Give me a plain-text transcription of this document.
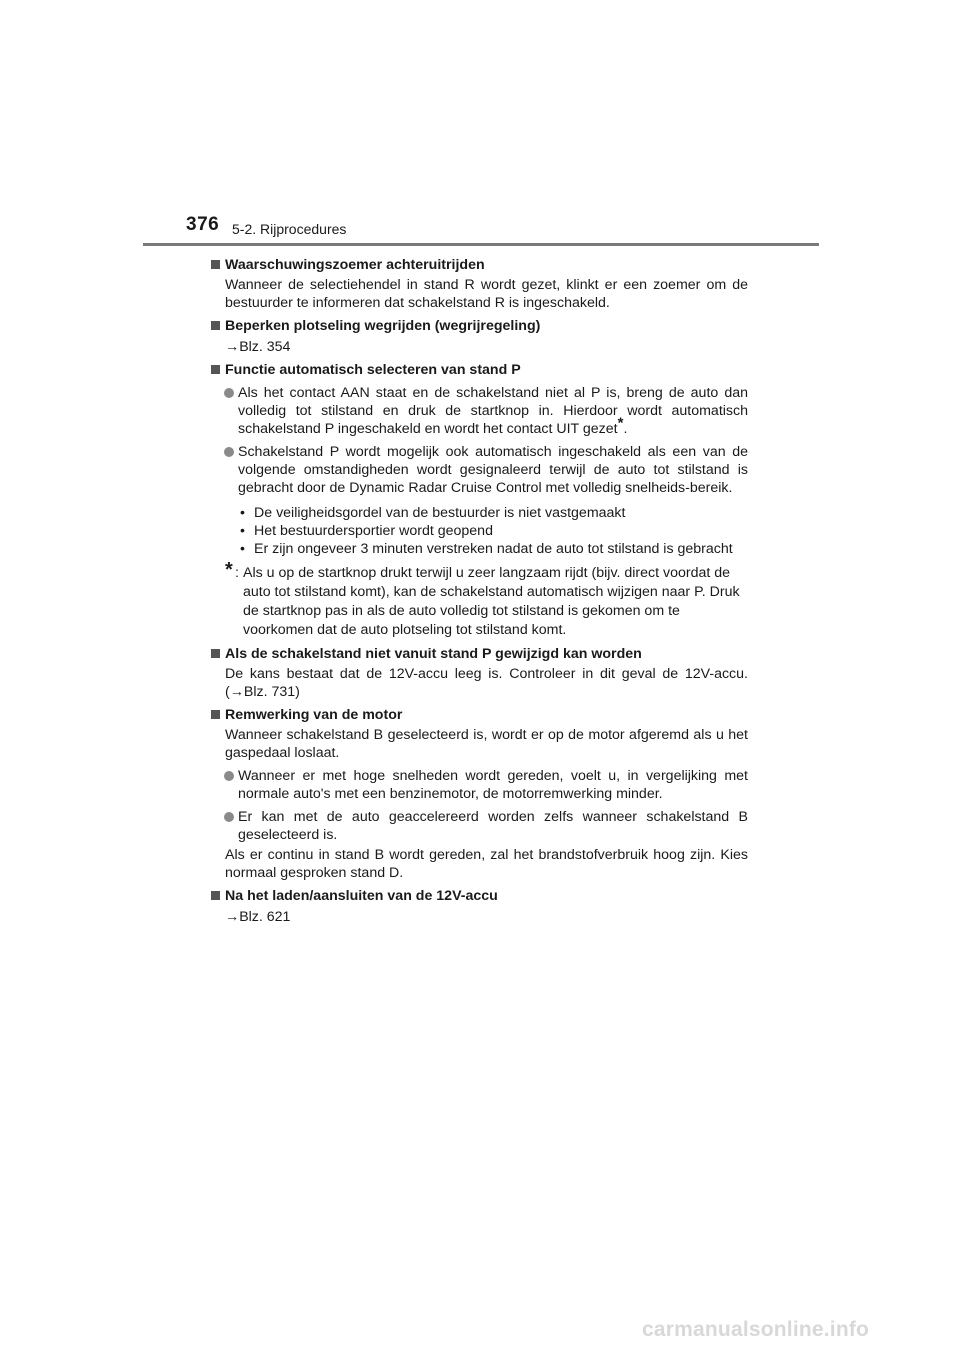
376 5-2. Rijprocedures
Waarschuwingszoemer achteruitrijden
Wanneer de selectiehendel in stand R wordt gezet, klinkt er een zoemer om de bestuurder te informeren dat schakelstand R is ingeschakeld.
Beperken plotseling wegrijden (wegrijregeling)
→Blz. 354
Functie automatisch selecteren van stand P
Als het contact AAN staat en de schakelstand niet al P is, breng de auto dan volledig tot stilstand en druk de startknop in. Hierdoor wordt automatisch schakelstand P ingeschakeld en wordt het contact UIT gezet*.
Schakelstand P wordt mogelijk ook automatisch ingeschakeld als een van de volgende omstandigheden wordt gesignaleerd terwijl de auto tot stilstand is gebracht door de Dynamic Radar Cruise Control met volledig snelheids-bereik.
• De veiligheidsgordel van de bestuurder is niet vastgemaakt
• Het bestuurdersportier wordt geopend
• Er zijn ongeveer 3 minuten verstreken nadat de auto tot stilstand is gebracht
* : Als u op de startknop drukt terwijl u zeer langzaam rijdt (bijv. direct voordat de auto tot stilstand komt), kan de schakelstand automatisch wijzigen naar P. Druk de startknop pas in als de auto volledig tot stilstand is gekomen om te voorkomen dat de auto plotseling tot stilstand komt.
Als de schakelstand niet vanuit stand P gewijzigd kan worden
De kans bestaat dat de 12V-accu leeg is. Controleer in dit geval de 12V-accu. (→Blz. 731)
Remwerking van de motor
Wanneer schakelstand B geselecteerd is, wordt er op de motor afgeremd als u het gaspedaal loslaat.
Wanneer er met hoge snelheden wordt gereden, voelt u, in vergelijking met normale auto's met een benzinemotor, de motorremwerking minder.
Er kan met de auto geaccelereerd worden zelfs wanneer schakelstand B geselecteerd is.
Als er continu in stand B wordt gereden, zal het brandstofverbruik hoog zijn. Kies normaal gesproken stand D.
Na het laden/aansluiten van de 12V-accu
→Blz. 621
carmanualsonline.info
